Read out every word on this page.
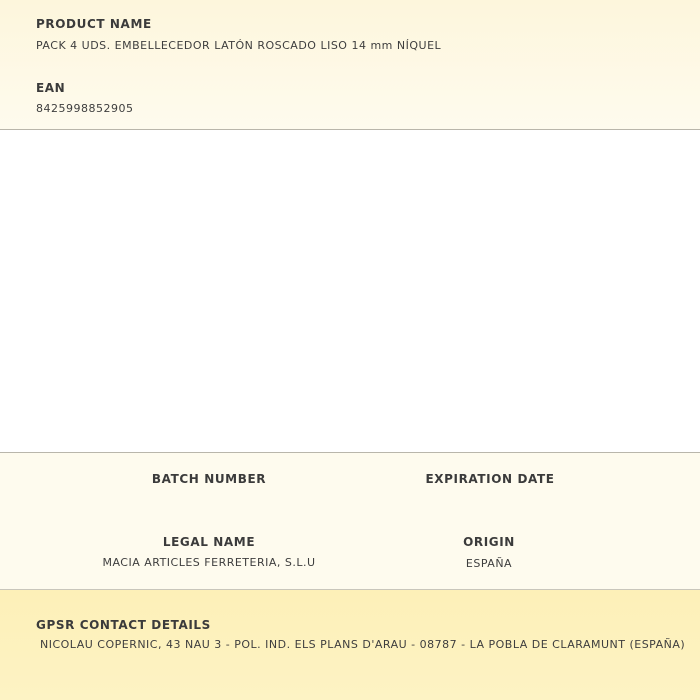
PRODUCT NAME
PACK 4 UDS. EMBELLECEDOR LATÓN ROSCADO LISO 14 mm NÍQUEL
EAN
8425998852905
BATCH NUMBER	EXPIRATION DATE
LEGAL NAME
MACIA ARTICLES FERRETERIA, S.L.U
ORIGIN
ESPAÑA
GPSR CONTACT DETAILS
NICOLAU COPERNIC, 43 NAU 3 - POL. IND. ELS PLANS D'ARAU - 08787 - LA POBLA DE CLARAMUNT (ESPAÑA)
